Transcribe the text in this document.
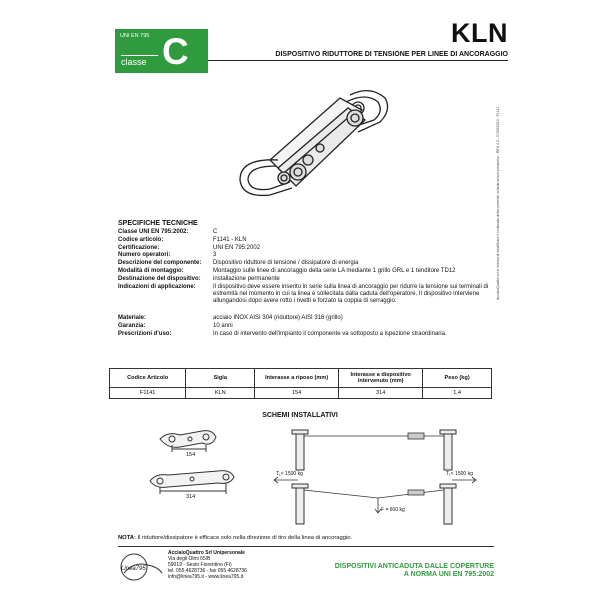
UNI EN 795
classe C	KLN
DISPOSITIVO RIDUTTORE DI TENSIONE PER LINEE DI ANCORAGGIO
SPECIFICHE TECNICHE
Classe UNI EN 795:2002:	C
Codice articolo:	F1141 - KLN
Certificazione:	UNI EN 795:2002
Numero operatori:	3
Descrizione del componente:	Dispositivo riduttore di tensione / dissipatore di energia
Modalità di montaggio:	Montaggio sulle linee di ancoraggio della serie LA mediante 1 grillo GRL e 1 tenditore TD12
Destinazione del dispositivo:	installazione permanente
Indicazioni di applicazione:	Il dispositivo deve essere inserito in serie sulla linea di ancoraggio per ridurre la tensione sui terminali di estremità nel momento in cui la linea è sollecitata dalla caduta dell'operatore. Il dispositivo interviene allungandosi dopo avere rotto i rivetti e forzato la coppia di serraggio.
Materiale:	acciaio INOX AISI 304 (riduttore) AISI 316 (grillo)
Garanzia:	10 anni
Prescrizioni d'uso:	In caso di intervento dell'impianto il componente va sottoposto a ispezione straordinaria.
Codice Articolo	Sigla	Interasse a riposo (mm)	Interasse a dispositivo intervenuto (mm)	Peso (kg)
F1141	KLN	154	314	1,4
SCHEMI INSTALLATIVI
154
314
T₁< 1500 kg	T₁< 1500 kg
F = 600 kg
NOTA: Il riduttore/dissipatore è efficace solo nella direzione di tiro della linea di ancoraggio.
Linea795
AcciaioQuattro Srl Unipersonale
Via degli Olmi 65/B
59019 - Sesto Fiorentino (Fi)
tel. 055 4628736 - fax 055 4628736
info@linea795.it - www.linea795.it
DISPOSITIVI ANTICADUTA DALLE COPERTURE
A NORMA UNI EN 795:2002
AcciaioQuattro srl si riserva di modificare il contenuto della presente scheda senza preavviso - REV 4.3 - 07/09/2010 - F1141
